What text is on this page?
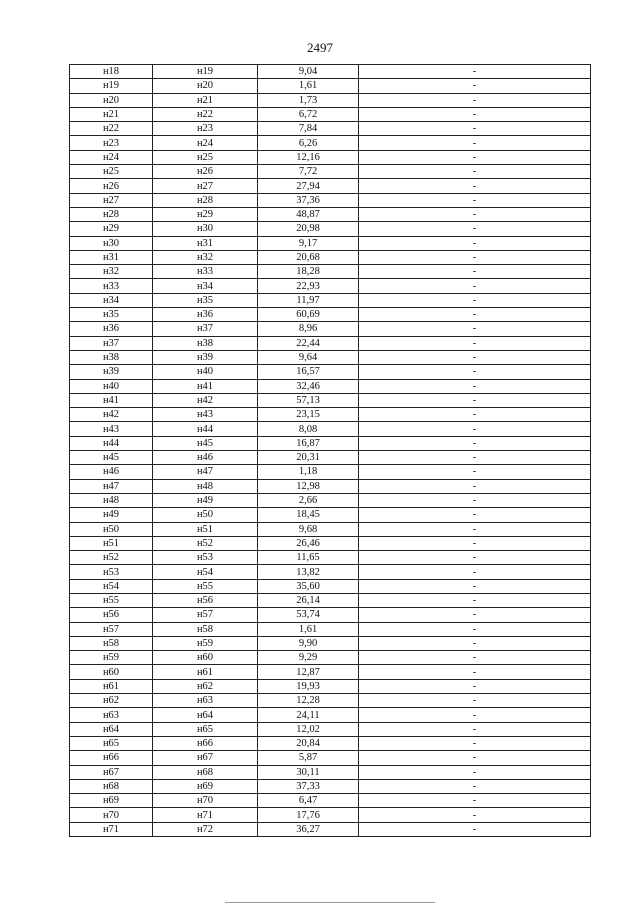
2497
н18	н19	9,04	-
н19	н20	1,61	-
н20	н21	1,73	-
н21	н22	6,72	-
н22	н23	7,84	-
н23	н24	6,26	-
н24	н25	12,16	-
н25	н26	7,72	-
н26	н27	27,94	-
н27	н28	37,36	-
н28	н29	48,87	-
н29	н30	20,98	-
н30	н31	9,17	-
н31	н32	20,68	-
н32	н33	18,28	-
н33	н34	22,93	-
н34	н35	11,97	-
н35	н36	60,69	-
н36	н37	8,96	-
н37	н38	22,44	-
н38	н39	9,64	-
н39	н40	16,57	-
н40	н41	32,46	-
н41	н42	57,13	-
н42	н43	23,15	-
н43	н44	8,08	-
н44	н45	16,87	-
н45	н46	20,31	-
н46	н47	1,18	-
н47	н48	12,98	-
н48	н49	2,66	-
н49	н50	18,45	-
н50	н51	9,68	-
н51	н52	26,46	-
н52	н53	11,65	-
н53	н54	13,82	-
н54	н55	35,60	-
н55	н56	26,14	-
н56	н57	53,74	-
н57	н58	1,61	-
н58	н59	9,90	-
н59	н60	9,29	-
н60	н61	12,87	-
н61	н62	19,93	-
н62	н63	12,28	-
н63	н64	24,11	-
н64	н65	12,02	-
н65	н66	20,84	-
н66	н67	5,87	-
н67	н68	30,11	-
н68	н69	37,33	-
н69	н70	6,47	-
н70	н71	17,76	-
н71	н72	36,27	-
